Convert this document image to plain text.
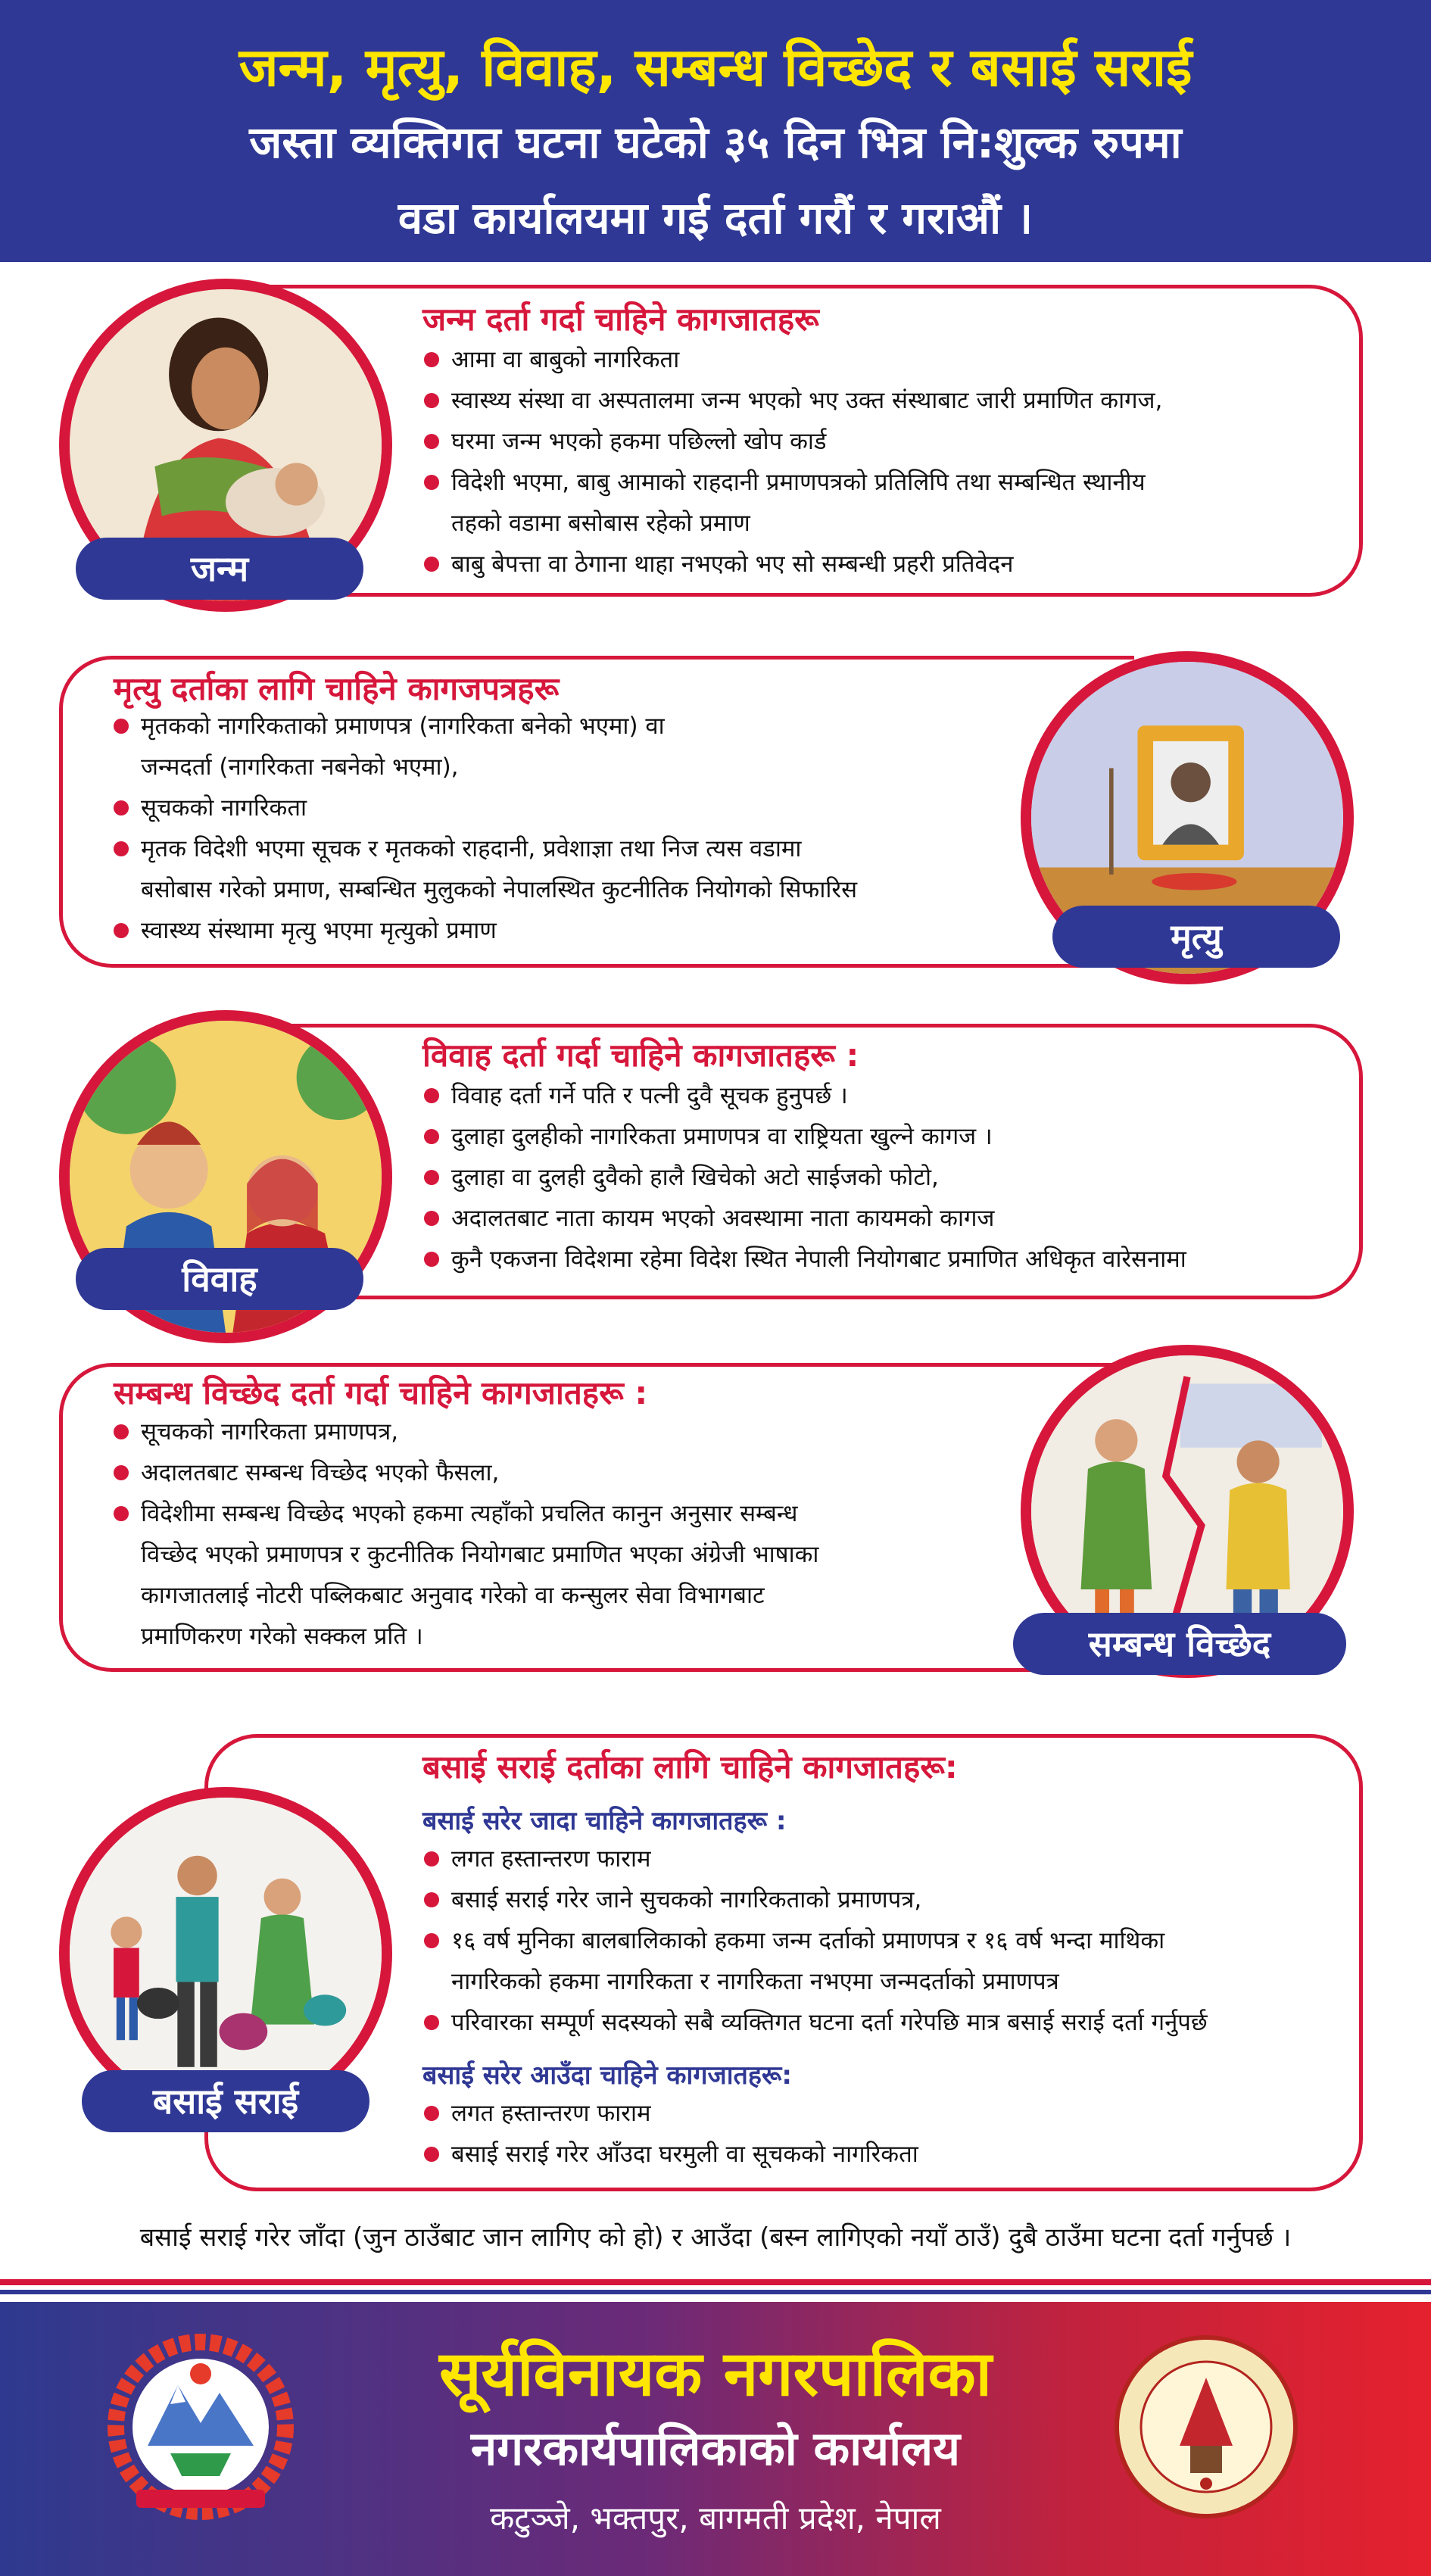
जन्म, मृत्यु, विवाह, सम्बन्ध विच्छेद र बसाई सराई
जस्ता व्यक्तिगत घटना घटेको ३५ दिन भित्र नि:शुल्क रुपमा
वडा कार्यालयमा गई दर्ता गरौं र गराऔं ।
जन्म
जन्म दर्ता गर्दा चाहिने कागजातहरू
आमा वा बाबुको नागरिकता
स्वास्थ्य संस्था वा अस्पतालमा जन्म भएको भए उक्त संस्थाबाट जारी प्रमाणित कागज,
घरमा जन्म भएको हकमा पछिल्लो खोप कार्ड
विदेशी भएमा, बाबु आमाको राहदानी प्रमाणपत्रको प्रतिलिपि तथा सम्बन्धित स्थानीय
तहको वडामा बसोबास रहेको प्रमाण
बाबु बेपत्ता वा ठेगाना थाहा नभएको भए सो सम्बन्धी प्रहरी प्रतिवेदन
मृत्यु
मृत्यु दर्ताका लागि चाहिने कागजपत्रहरू
मृतकको नागरिकताको प्रमाणपत्र (नागरिकता बनेको भएमा) वा
जन्मदर्ता (नागरिकता नबनेको भएमा),
सूचकको नागरिकता
मृतक विदेशी भएमा सूचक र मृतकको राहदानी, प्रवेशाज्ञा तथा निज त्यस वडामा
बसोबास गरेको प्रमाण, सम्बन्धित मुलुकको नेपालस्थित कुटनीतिक नियोगको सिफारिस
स्वास्थ्य संस्थामा मृत्यु भएमा मृत्युको प्रमाण
विवाह
विवाह दर्ता गर्दा चाहिने कागजातहरू :
विवाह दर्ता गर्ने पति र पत्नी दुवै सूचक हुनुपर्छ ।
दुलाहा दुलहीको नागरिकता प्रमाणपत्र वा राष्ट्रियता खुल्ने कागज ।
दुलाहा वा दुलही दुवैको हालै खिचेको अटो साईजको फोटो,
अदालतबाट नाता कायम भएको अवस्थामा नाता कायमको कागज
कुनै एकजना विदेशमा रहेमा विदेश स्थित नेपाली नियोगबाट प्रमाणित अधिकृत वारेसनामा
सम्बन्ध विच्छेद
सम्बन्ध विच्छेद दर्ता गर्दा चाहिने कागजातहरू :
सूचकको नागरिकता प्रमाणपत्र,
अदालतबाट सम्बन्ध विच्छेद भएको फैसला,
विदेशीमा सम्बन्ध विच्छेद भएको हकमा त्यहाँको प्रचलित कानुन अनुसार सम्बन्ध
विच्छेद भएको प्रमाणपत्र र कुटनीतिक नियोगबाट प्रमाणित भएका अंग्रेजी भाषाका
कागजातलाई नोटरी पब्लिकबाट अनुवाद गरेको वा कन्सुलर सेवा विभागबाट
प्रमाणिकरण गरेको सक्कल प्रति ।
बसाई सराई
बसाई सराई दर्ताका लागि चाहिने कागजातहरू:
बसाई सरेर जादा चाहिने कागजातहरू :
लगत हस्तान्तरण फाराम
बसाई सराई गरेर जाने सुचकको नागरिकताको प्रमाणपत्र,
१६ वर्ष मुनिका बालबालिकाको हकमा जन्म दर्ताको प्रमाणपत्र र १६ वर्ष भन्दा माथिका
नागरिकको हकमा नागरिकता र नागरिकता नभएमा जन्मदर्ताको प्रमाणपत्र
परिवारका सम्पूर्ण सदस्यको सबै व्यक्तिगत घटना दर्ता गरेपछि मात्र बसाई सराई दर्ता गर्नुपर्छ
बसाई सरेर आउँदा चाहिने कागजातहरू:
लगत हस्तान्तरण फाराम
बसाई सराई गरेर आँउदा घरमुली वा सूचकको नागरिकता
बसाई सराई गरेर जाँदा (जुन ठाउँबाट जान लागिए को हो) र आउँदा (बस्न लागिएको नयाँ ठाउँ) दुबै ठाउँमा घटना दर्ता गर्नुपर्छ ।
सूर्यविनायक नगरपालिका
नगरकार्यपालिकाको कार्यालय
कटुञ्जे, भक्तपुर, बागमती प्रदेश, नेपाल
